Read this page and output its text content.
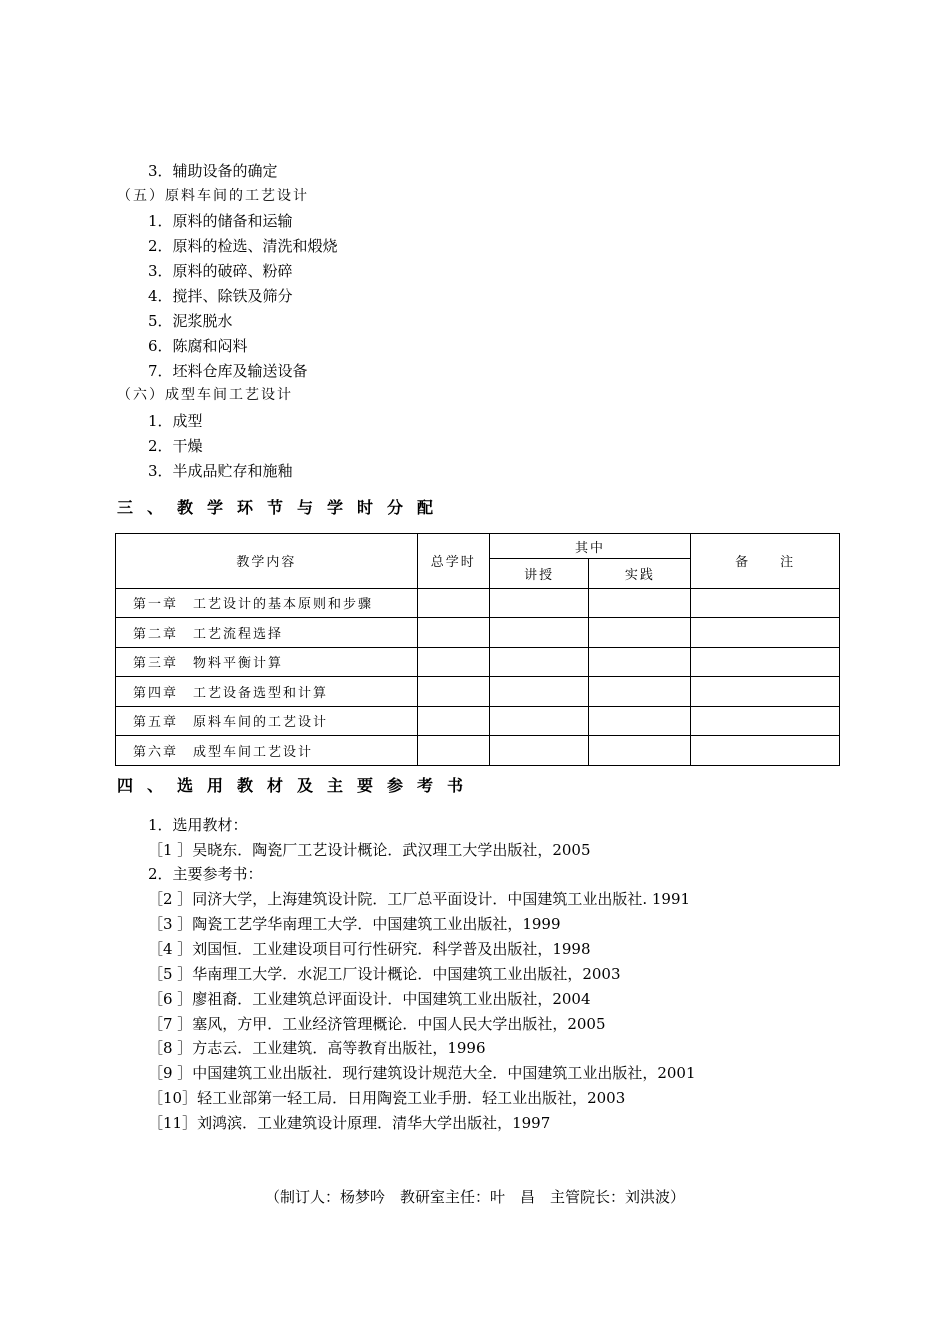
3．辅助设备的确定
（五）原料车间的工艺设计
1．原料的储备和运输
2．原料的检选、清洗和煅烧
3．原料的破碎、粉碎
4．搅拌、除铁及筛分
5．泥浆脱水
6．陈腐和闷料
7．坯料仓库及输送设备
（六）成型车间工艺设计
1．成型
2．干燥
3．半成品贮存和施釉
三、教学环节与学时分配
教学内容	总学时	其中		备　　注
		讲授	实践	
第一章　工艺设计的基本原则和步骤				
第二章　工艺流程选择				
第三章　物料平衡计算				
第四章　工艺设备选型和计算				
第五章　原料车间的工艺设计				
第六章　成型车间工艺设计				
四、选用教材及主要参考书
1．选用教材：
［1 ］吴晓东．陶瓷厂工艺设计概论．武汉理工大学出版社，2005
2．主要参考书：
［2 ］同济大学，上海建筑设计院．工厂总平面设计．中国建筑工业出版社. 1991
［3 ］陶瓷工艺学华南理工大学．中国建筑工业出版社，1999
［4 ］刘国恒．工业建设项目可行性研究．科学普及出版社，1998
［5 ］华南理工大学．水泥工厂设计概论．中国建筑工业出版社，2003
［6 ］廖祖裔．工业建筑总评面设计．中国建筑工业出版社，2004
［7 ］塞风，方甲．工业经济管理概论．中国人民大学出版社，2005
［8 ］方志云．工业建筑．高等教育出版社，1996
［9 ］中国建筑工业出版社．现行建筑设计规范大全．中国建筑工业出版社，2001
［10］轻工业部第一轻工局．日用陶瓷工业手册．轻工业出版社，2003
［11］刘鸿滨．工业建筑设计原理．清华大学出版社，1997
（制订人：杨梦吟　教研室主任：叶　昌　主管院长：刘洪波）
